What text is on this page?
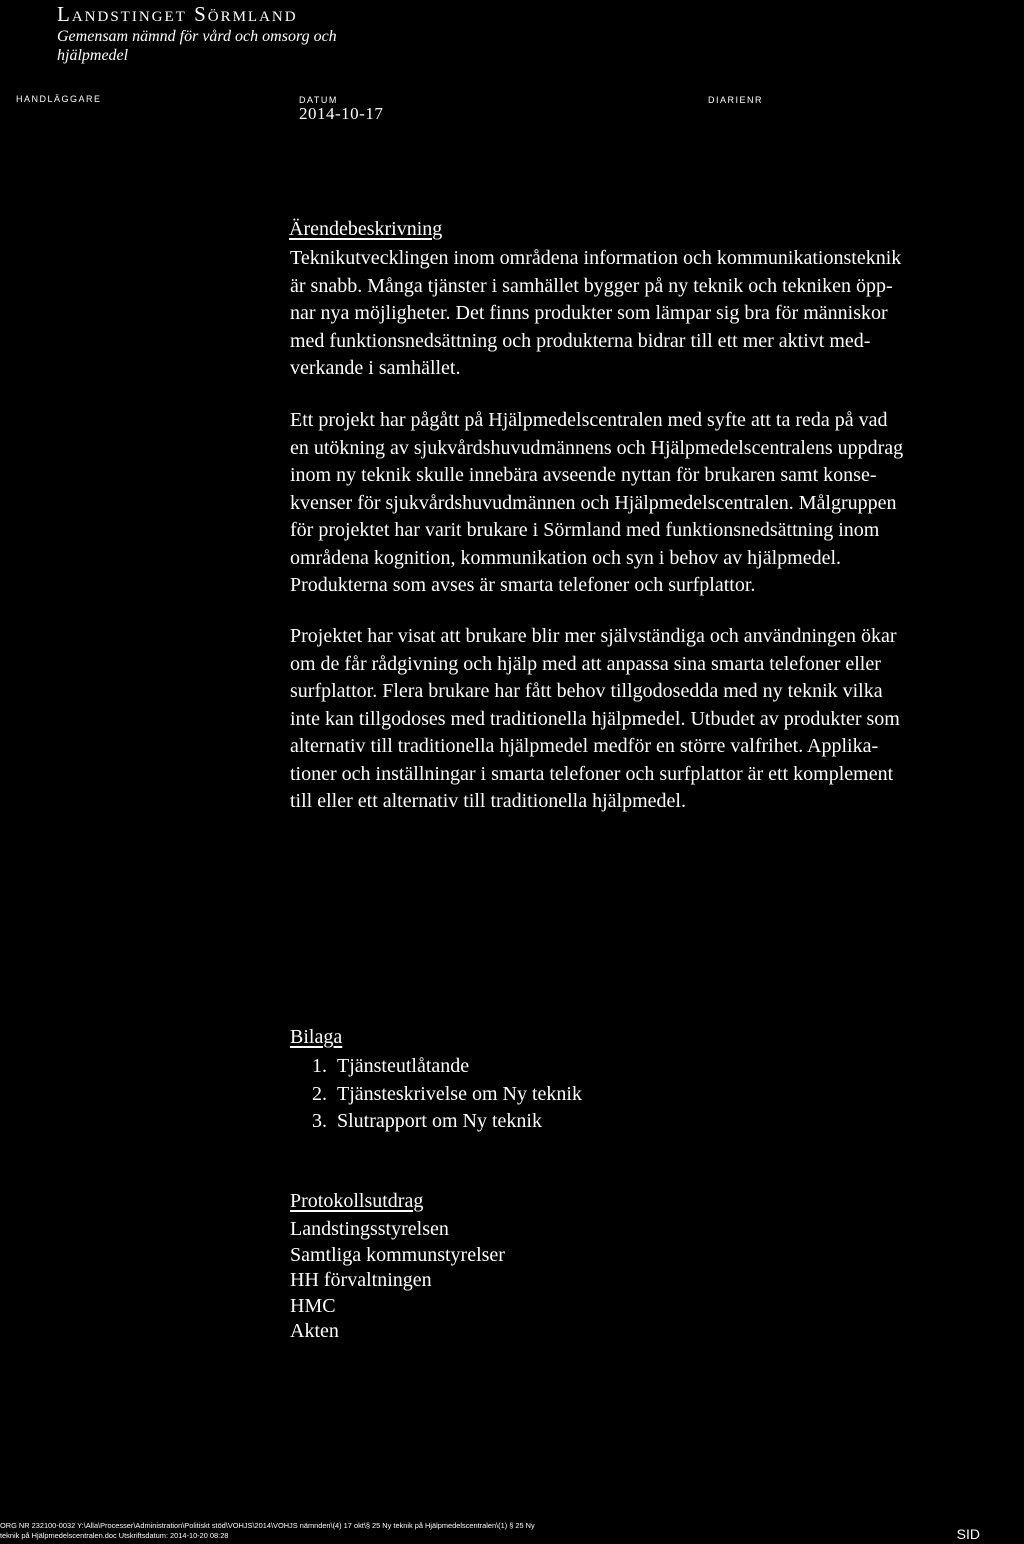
Landstinget Sörmland
Gemensam nämnd för vård och omsorg och
hjälpmedel
HANDLÄGGARE	DATUM
2014-10-17
DIARIENR
Ärendebeskrivning
Teknikutvecklingen inom områdena information och kommunikationsteknik
är snabb. Många tjänster i samhället bygger på ny teknik och tekniken öpp-
nar nya möjligheter. Det finns produkter som lämpar sig bra för människor
med funktionsnedsättning och produkterna bidrar till ett mer aktivt med-
verkande i samhället.
Ett projekt har pågått på Hjälpmedelscentralen med syfte att ta reda på vad
en utökning av sjukvårdshuvudmännens och Hjälpmedelscentralens uppdrag
inom ny teknik skulle innebära avseende nyttan för brukaren samt konse-
kvenser för sjukvårdshuvudmännen och Hjälpmedelscentralen. Målgruppen
för projektet har varit brukare i Sörmland med funktionsnedsättning inom
områdena kognition, kommunikation och syn i behov av hjälpmedel.
Produkterna som avses är smarta telefoner och surfplattor.
Projektet har visat att brukare blir mer självständiga och användningen ökar
om de får rådgivning och hjälp med att anpassa sina smarta telefoner eller
surfplattor. Flera brukare har fått behov tillgodosedda med ny teknik vilka
inte kan tillgodoses med traditionella hjälpmedel. Utbudet av produkter som
alternativ till traditionella hjälpmedel medför en större valfrihet. Applika-
tioner och inställningar i smarta telefoner och surfplattor är ett komplement
till eller ett alternativ till traditionella hjälpmedel.
Bilaga
1. Tjänsteutlåtande
2. Tjänsteskrivelse om Ny teknik
3. Slutrapport om Ny teknik
Protokollsutdrag
Landstingsstyrelsen
Samtliga kommunstyrelser
HH förvaltningen
HMC
Akten
ORG NR 232100-0032 Y:\Alla\Processer\Administration\Politiskt stöd\VOHJS\2014\VOHJS nämnden\(4) 17 okt\§ 25 Ny teknik på Hjälpmedelscentralen\(1) § 25 Ny
teknik på Hjälpmedelscentralen.doc Utskriftsdatum: 2014-10-20 08:28	SID
